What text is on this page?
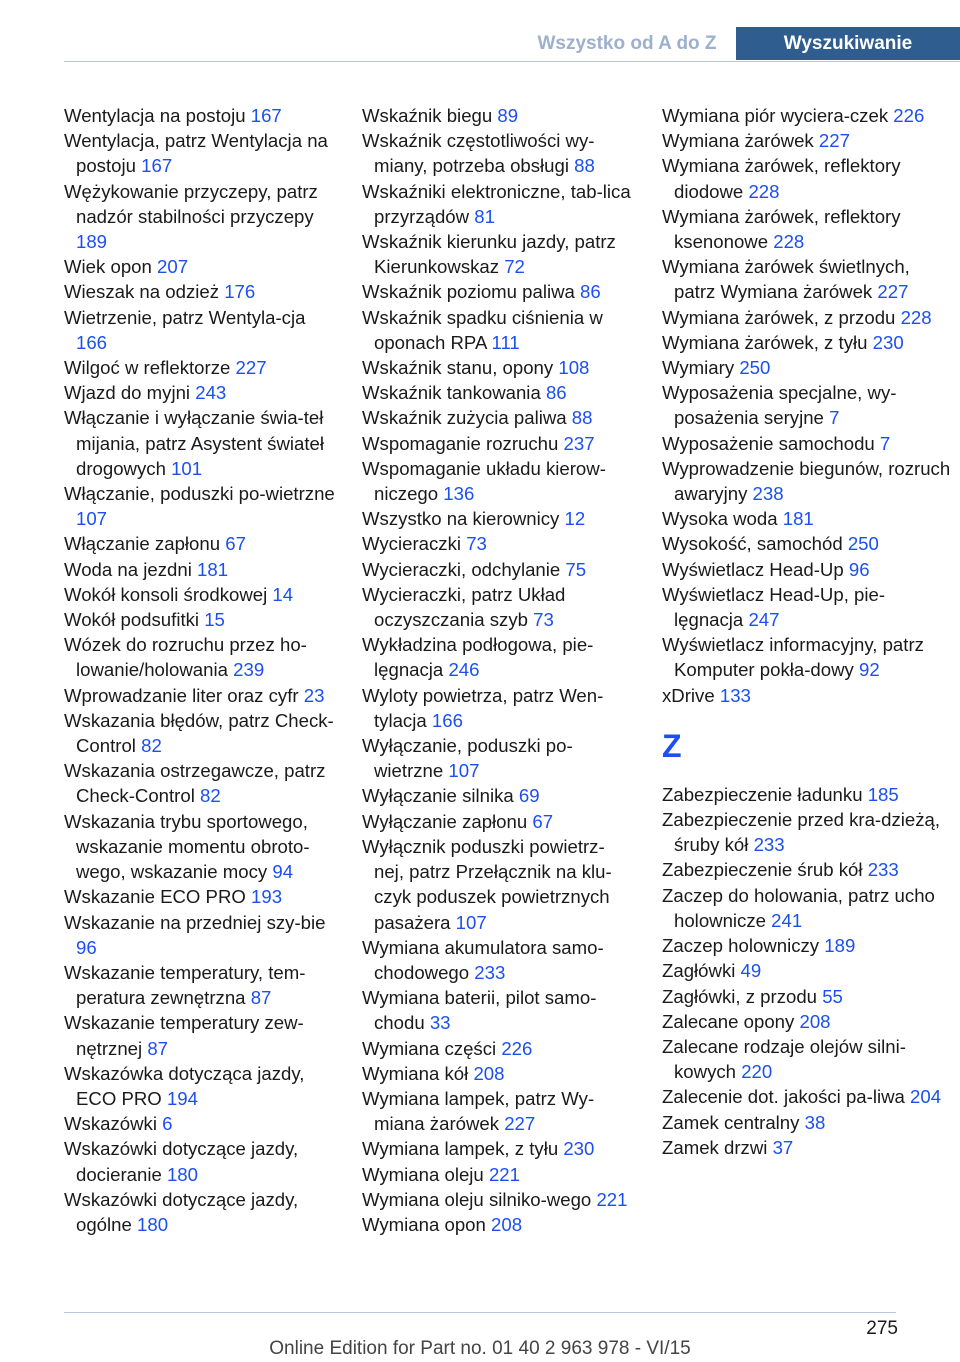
Wszystko od A do Z	Wyszukiwanie
Wentylacja na postoju 167
Wentylacja, patrz Wentylacja na postoju 167
Wężykowanie przyczepy, patrz nadzór stabilności przyczepy 189
Wiek opon 207
Wieszak na odzież 176
Wietrzenie, patrz Wentyla-cja 166
Wilgoć w reflektorze 227
Wjazd do myjni 243
Włączanie i wyłączanie świa-teł mijania, patrz Asystent świateł drogowych 101
Włączanie, poduszki po-wietrzne 107
Włączanie zapłonu 67
Woda na jezdni 181
Wokół konsoli środkowej 14
Wokół podsufitki 15
Wózek do rozruchu przez ho-lowanie/holowania 239
Wprowadzanie liter oraz cyfr 23
Wskazania błędów, patrz Check-Control 82
Wskazania ostrzegawcze, patrz Check-Control 82
Wskazania trybu sportowego, wskazanie momentu obroto-wego, wskazanie mocy 94
Wskazanie ECO PRO 193
Wskazanie na przedniej szy-bie 96
Wskazanie temperatury, tem-peratura zewnętrzna 87
Wskazanie temperatury zew-nętrznej 87
Wskazówka dotycząca jazdy, ECO PRO 194
Wskazówki 6
Wskazówki dotyczące jazdy, docieranie 180
Wskazówki dotyczące jazdy, ogólne 180
Wskaźnik biegu 89
Wskaźnik częstotliwości wy-miany, potrzeba obsługi 88
Wskaźniki elektroniczne, tab-lica przyrządów 81
Wskaźnik kierunku jazdy, patrz Kierunkowskaz 72
Wskaźnik poziomu paliwa 86
Wskaźnik spadku ciśnienia w oponach RPA 111
Wskaźnik stanu, opony 108
Wskaźnik tankowania 86
Wskaźnik zużycia paliwa 88
Wspomaganie rozruchu 237
Wspomaganie układu kierow-niczego 136
Wszystko na kierownicy 12
Wycieraczki 73
Wycieraczki, odchylanie 75
Wycieraczki, patrz Układ oczyszczania szyb 73
Wykładzina podłogowa, pie-lęgnacja 246
Wyloty powietrza, patrz Wen-tylacja 166
Wyłączanie, poduszki po-wietrzne 107
Wyłączanie silnika 69
Wyłączanie zapłonu 67
Wyłącznik poduszki powietrz-nej, patrz Przełącznik na klu-czyk poduszek powietrznych pasażera 107
Wymiana akumulatora samo-chodowego 233
Wymiana baterii, pilot samo-chodu 33
Wymiana części 226
Wymiana kół 208
Wymiana lampek, patrz Wy-miana żarówek 227
Wymiana lampek, z tyłu 230
Wymiana oleju 221
Wymiana oleju silniko-wego 221
Wymiana opon 208
Wymiana piór wyciera-czek 226
Wymiana żarówek 227
Wymiana żarówek, reflektory diodowe 228
Wymiana żarówek, reflektory ksenonowe 228
Wymiana żarówek świetlnych, patrz Wymiana żarówek 227
Wymiana żarówek, z przodu 228
Wymiana żarówek, z tyłu 230
Wymiary 250
Wyposażenia specjalne, wy-posażenia seryjne 7
Wyposażenie samochodu 7
Wyprowadzenie biegunów, rozruch awaryjny 238
Wysoka woda 181
Wysokość, samochód 250
Wyświetlacz Head-Up 96
Wyświetlacz Head-Up, pie-lęgnacja 247
Wyświetlacz informacyjny, patrz Komputer pokła-dowy 92
xDrive 133
Z
Zabezpieczenie ładunku 185
Zabezpieczenie przed kra-dzieżą, śruby kół 233
Zabezpieczenie śrub kół 233
Zaczep do holowania, patrz ucho holownicze 241
Zaczep holowniczy 189
Zagłówki 49
Zagłówki, z przodu 55
Zalecane opony 208
Zalecane rodzaje olejów silni-kowych 220
Zalecenie dot. jakości pa-liwa 204
Zamek centralny 38
Zamek drzwi 37
275
Online Edition for Part no. 01 40 2 963 978 - VI/15
